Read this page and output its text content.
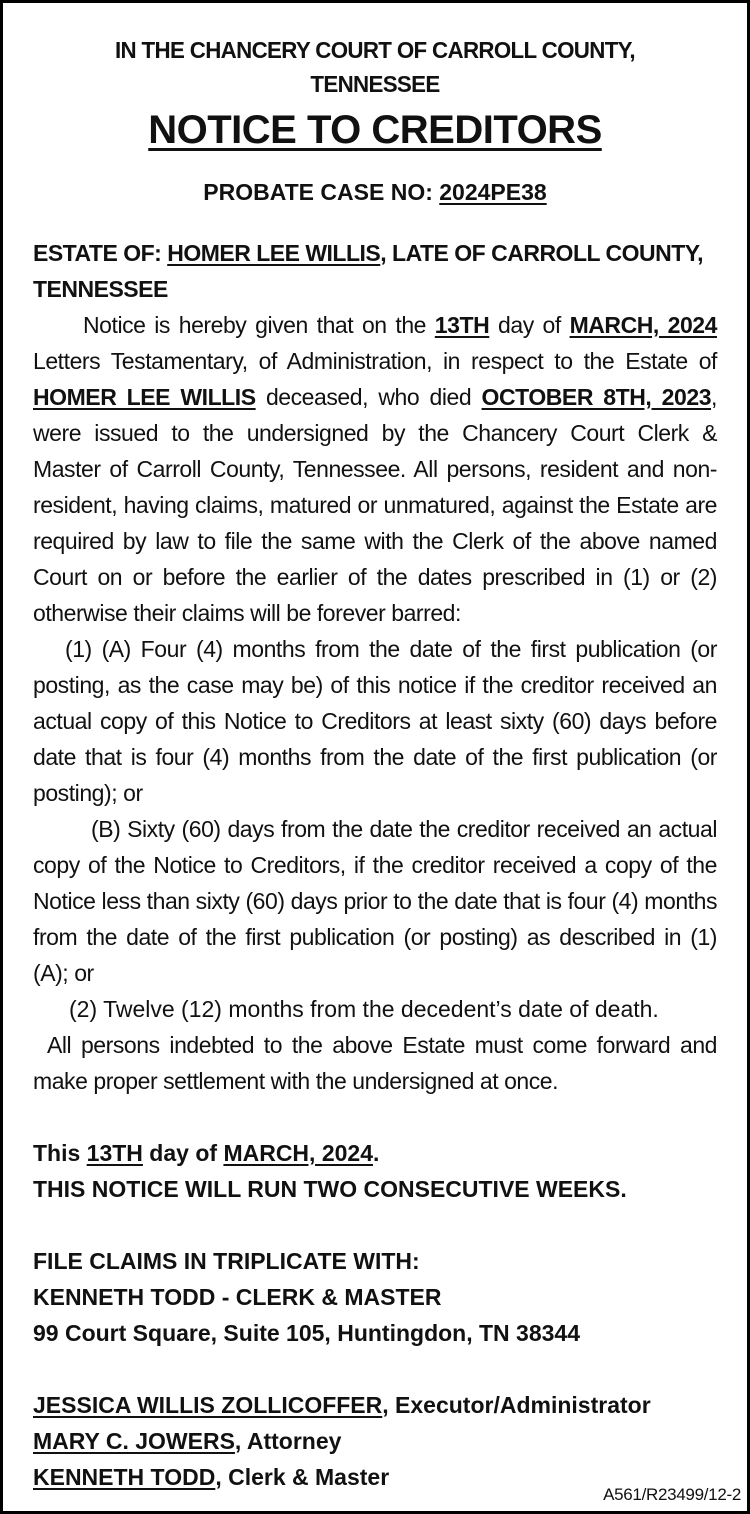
IN THE CHANCERY COURT OF CARROLL COUNTY, TENNESSEE

NOTICE TO CREDITORS

PROBATE CASE NO: 2024PE38

ESTATE OF: HOMER LEE WILLIS, LATE OF CARROLL COUNTY, TENNESSEE

Notice is hereby given that on the 13TH day of MARCH, 2024 Letters Testamentary, of Administration, in respect to the Estate of HOMER LEE WILLIS deceased, who died OCTOBER 8TH, 2023, were issued to the undersigned by the Chancery Court Clerk & Master of Carroll County, Tennessee. All persons, resident and non-resident, having claims, matured or unmatured, against the Estate are required by law to file the same with the Clerk of the above named Court on or before the earlier of the dates prescribed in (1) or (2) otherwise their claims will be forever barred:

(1) (A) Four (4) months from the date of the first publication (or posting, as the case may be) of this notice if the creditor received an actual copy of this Notice to Creditors at least sixty (60) days before date that is four (4) months from the date of the first publication (or posting); or

(B) Sixty (60) days from the date the creditor received an actual copy of the Notice to Creditors, if the creditor received a copy of the Notice less than sixty (60) days prior to the date that is four (4) months from the date of the first publication (or posting) as described in (1) (A); or

(2) Twelve (12) months from the decedent’s date of death.

All persons indebted to the above Estate must come forward and make proper settlement with the undersigned at once.

This 13TH day of MARCH, 2024.

THIS NOTICE WILL RUN TWO CONSECUTIVE WEEKS.

FILE CLAIMS IN TRIPLICATE WITH:

KENNETH TODD - CLERK & MASTER

99 Court Square, Suite 105, Huntingdon, TN 38344

JESSICA WILLIS ZOLLICOFFER, Executor/Administrator

MARY C. JOWERS, Attorney

KENNETH TODD, Clerk & Master

A561/R23499/12-2
